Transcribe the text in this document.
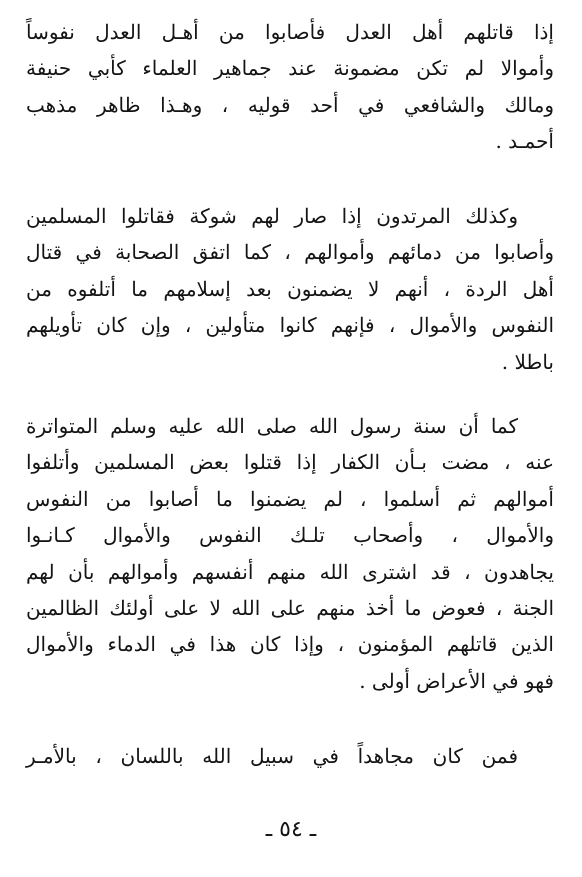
إذا قاتلهم أهل العدل فأصابوا من أهـل العدل نفوساً
وأموالا لم تكن مضمونة عند جماهير العلماء كأبي حنيفة
ومالك والشافعي في أحد قوليه ، وهـذا ظاهر مذهب
أحمـد .
وكذلك المرتدون إذا صار لهم شوكة فقاتلوا المسلمين
وأصابوا من دمائهم وأموالهم ، كما اتفق الصحابة في قتال
أهل الردة ، أنهم لا يضمنون بعد إسلامهم ما أتلفوه من
النفوس والأموال ، فإنهم كانوا متأولين ، وإن كان تأويلهم
باطلا .
كما أن سنة رسول الله صلى الله عليه وسلم المتواترة
عنه ، مضت بـأن الكفار إذا قتلوا بعض المسلمين وأتلفوا
أموالهم ثم أسلموا ، لم يضمنوا ما أصابوا من النفوس
والأموال ، وأصحاب تلـك النفوس والأموال كـانـوا
يجاهدون ، قد اشترى الله منهم أنفسهم وأموالهم بأن لهم
الجنة ، فعوض ما أخذ منهم على الله لا على أولئك الظالمين
الذين قاتلهم المؤمنون ، وإذا كان هذا في الدماء والأموال
فهو في الأعراض أولى .
فمن كان مجاهداً في سبيل الله باللسان ، بالأمـر
ـ ٥٤ ـ
